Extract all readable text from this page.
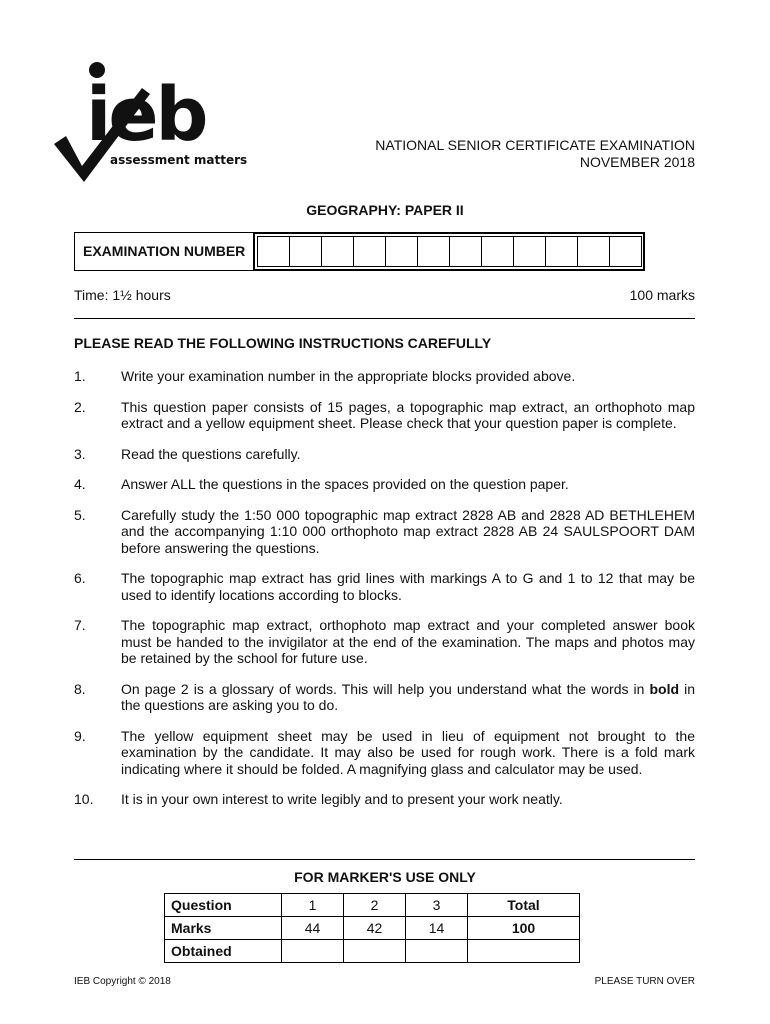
ieb
assessment matters
NATIONAL SENIOR CERTIFICATE EXAMINATION
NOVEMBER 2018
GEOGRAPHY: PAPER II
EXAMINATION NUMBER
Time: 1½ hours	100 marks
PLEASE READ THE FOLLOWING INSTRUCTIONS CAREFULLY
1.	Write your examination number in the appropriate blocks provided above.
2.	This question paper consists of 15 pages, a topographic map extract, an orthophoto map extract and a yellow equipment sheet. Please check that your question paper is complete.
3.	Read the questions carefully.
4.	Answer ALL the questions in the spaces provided on the question paper.
5.	Carefully study the 1:50 000 topographic map extract 2828 AB and 2828 AD BETHLEHEM and the accompanying 1:10 000 orthophoto map extract 2828 AB 24 SAULSPOORT DAM before answering the questions.
6.	The topographic map extract has grid lines with markings A to G and 1 to 12 that may be used to identify locations according to blocks.
7.	The topographic map extract, orthophoto map extract and your completed answer book must be handed to the invigilator at the end of the examination. The maps and photos may be retained by the school for future use.
8.	On page 2 is a glossary of words. This will help you understand what the words in bold in the questions are asking you to do.
9.	The yellow equipment sheet may be used in lieu of equipment not brought to the examination by the candidate. It may also be used for rough work. There is a fold mark indicating where it should be folded. A magnifying glass and calculator may be used.
10.	It is in your own interest to write legibly and to present your work neatly.
FOR MARKER'S USE ONLY
Question	1	2	3	Total
Marks	44	42	14	100
Obtained				
IEB Copyright © 2018	PLEASE TURN OVER
